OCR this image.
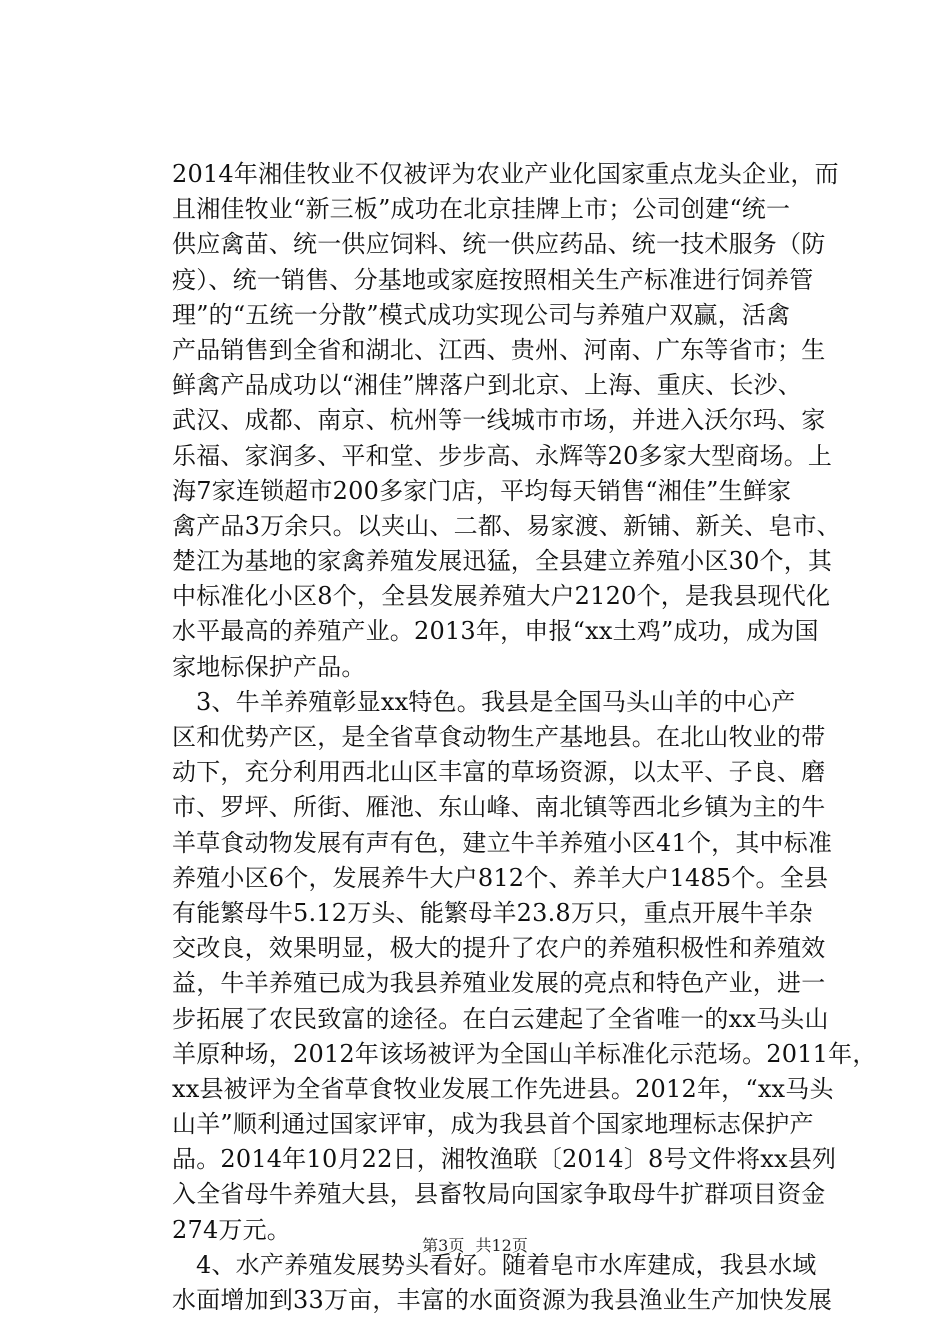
2014年湘佳牧业不仅被评为农业产业化国家重点龙头企业，而
且湘佳牧业“新三板”成功在北京挂牌上市；公司创建“统一
供应禽苗、统一供应饲料、统一供应药品、统一技术服务（防
疫）、统一销售、分基地或家庭按照相关生产标准进行饲养管
理”的“五统一分散”模式成功实现公司与养殖户双赢，活禽
产品销售到全省和湖北、江西、贵州、河南、广东等省市；生
鲜禽产品成功以“湘佳”牌落户到北京、上海、重庆、长沙、
武汉、成都、南京、杭州等一线城市市场，并进入沃尔玛、家
乐福、家润多、平和堂、步步高、永辉等20多家大型商场。上
海7家连锁超市200多家门店，平均每天销售“湘佳”生鲜家
禽产品3万余只。以夹山、二都、易家渡、新铺、新关、皂市、
楚江为基地的家禽养殖发展迅猛，全县建立养殖小区30个，其
中标准化小区8个，全县发展养殖大户2120个，是我县现代化
水平最高的养殖产业。2013年，申报“xx土鸡”成功，成为国
家地标保护产品。
3、牛羊养殖彰显xx特色。我县是全国马头山羊的中心产
区和优势产区，是全省草食动物生产基地县。在北山牧业的带
动下，充分利用西北山区丰富的草场资源，以太平、子良、磨
市、罗坪、所街、雁池、东山峰、南北镇等西北乡镇为主的牛
羊草食动物发展有声有色，建立牛羊养殖小区41个，其中标准
养殖小区6个，发展养牛大户812个、养羊大户1485个。全县
有能繁母牛5.12万头、能繁母羊23.8万只，重点开展牛羊杂
交改良，效果明显，极大的提升了农户的养殖积极性和养殖效
益，牛羊养殖已成为我县养殖业发展的亮点和特色产业，进一
步拓展了农民致富的途径。在白云建起了全省唯一的xx马头山
羊原种场，2012年该场被评为全国山羊标准化示范场。2011年，
xx县被评为全省草食牧业发展工作先进县。2012年，“xx马头
山羊”顺利通过国家评审，成为我县首个国家地理标志保护产
品。2014年10月22日，湘牧渔联〔2014〕8号文件将xx县列
入全省母牛养殖大县，县畜牧局向国家争取母牛扩群项目资金
274万元。
4、水产养殖发展势头看好。随着皂市水库建成，我县水域
水面增加到33万亩，丰富的水面资源为我县渔业生产加快发展
第3页 共12页
